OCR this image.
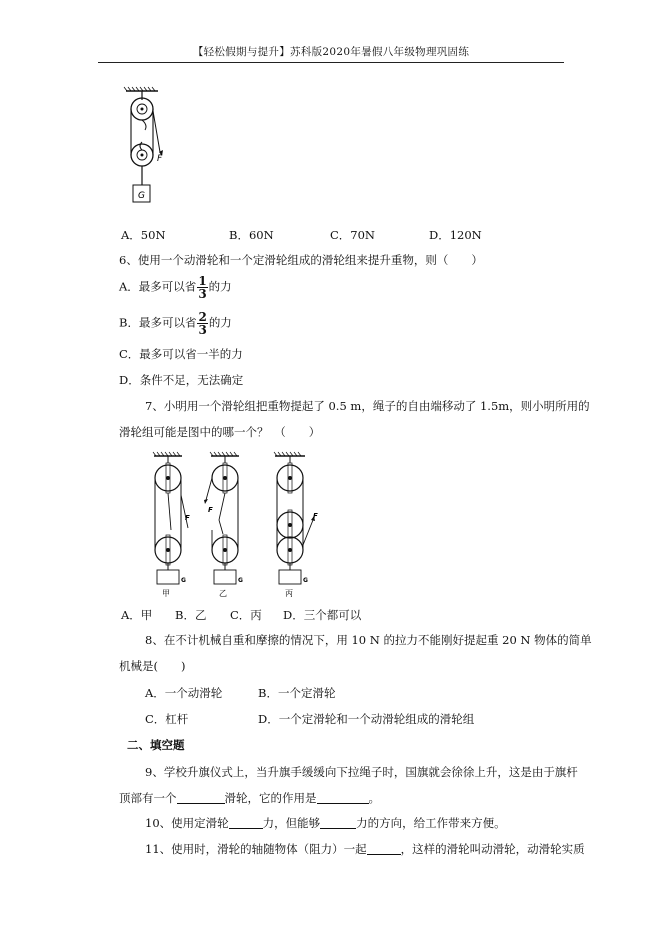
【轻松假期与提升】苏科版2020年暑假八年级物理巩固练
G
F
A．50N	B．60N	C．70N	D．120N
6、使用一个动滑轮和一个定滑轮组成的滑轮组来提升重物，则（　　）
A．最多可以省 $\frac{1}{3}$ 的力
B．最多可以省 $\frac{2}{3}$ 的力
C．最多可以省一半的力
D．条件不足，无法确定
7、小明用一个滑轮组把重物提起了 0.5 m，绳子的自由端移动了 1.5m，则小明所用的
滑轮组可能是图中的哪一个？　（　　）
F
G
甲
F
G
乙
F
G
丙
A．甲 B．乙 C．丙 D．三个都可以
8、在不计机械自重和摩擦的情况下，用 10 N 的拉力不能刚好提起重 20 N 物体的简单
机械是(　　)
A．一个动滑轮	B．一个定滑轮
C．杠杆	D．一个定滑轮和一个动滑轮组成的滑轮组
二、填空题
9、学校升旗仪式上，当升旗手缓缓向下拉绳子时，国旗就会徐徐上升，这是由于旗杆
顶部有一个	滑轮，它的作用是	。
10、使用定滑轮	力，但能够	力的方向，给工作带来方便。
11、使用时，滑轮的轴随物体（阻力）一起	，这样的滑轮叫动滑轮，动滑轮实质
